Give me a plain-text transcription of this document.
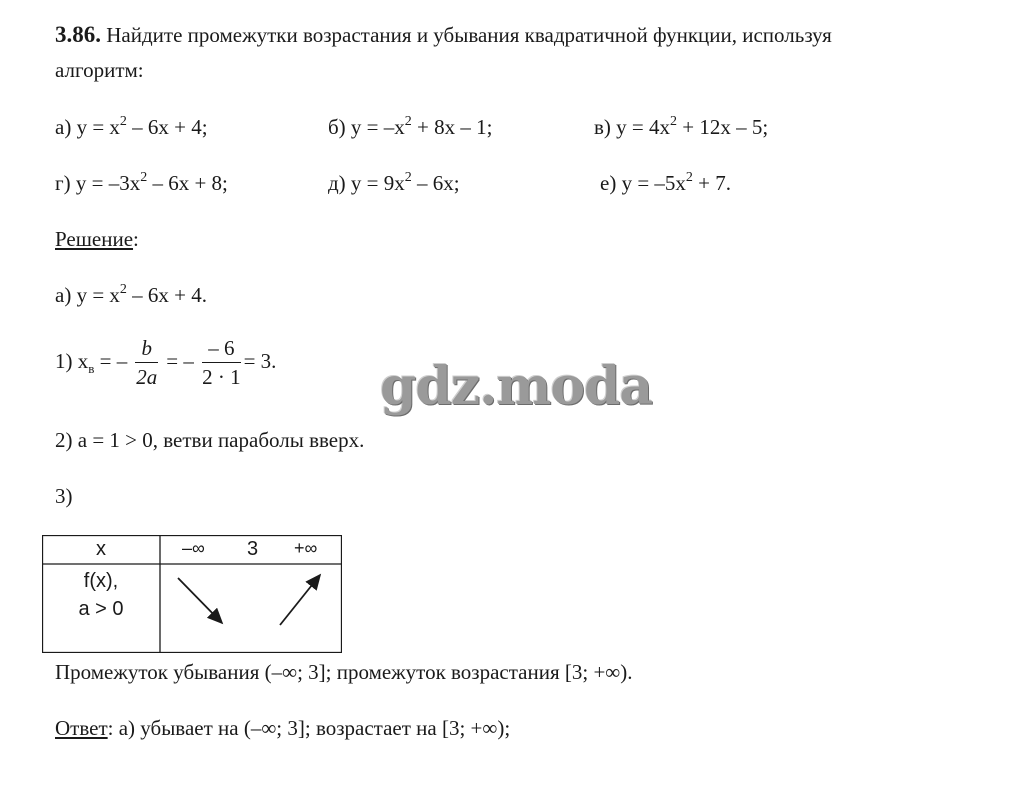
3.86. Найдите промежутки возрастания и убывания квадратичной функции, используя
алгоритм:
а) $y = x^2 - 6x + 4$;	б) $y = -x^2 + 8x - 1$;	в) $y = 4x^2 + 12x - 5$;
г) $y = -3x^2 - 6x + 8$;	д) $y = 9x^2 - 6x$;	е) $y = -5x^2 + 7$.
Решение:
а) $y = x^2 - 6x + 4$.
1) $x_в$ = – $\frac{b}{2a}$ = – $\frac{- 6}{2 \cdot 1} = 3$. gdz.moda
2) a = 1 > 0, ветви параболы вверх.
3)
x	–∞ 3 +∞
f(x),
a > 0
Промежуток убывания (–∞; 3]; промежуток возрастания [3; +∞).
Ответ: а) убывает на (–∞; 3]; возрастает на [3; +∞);
